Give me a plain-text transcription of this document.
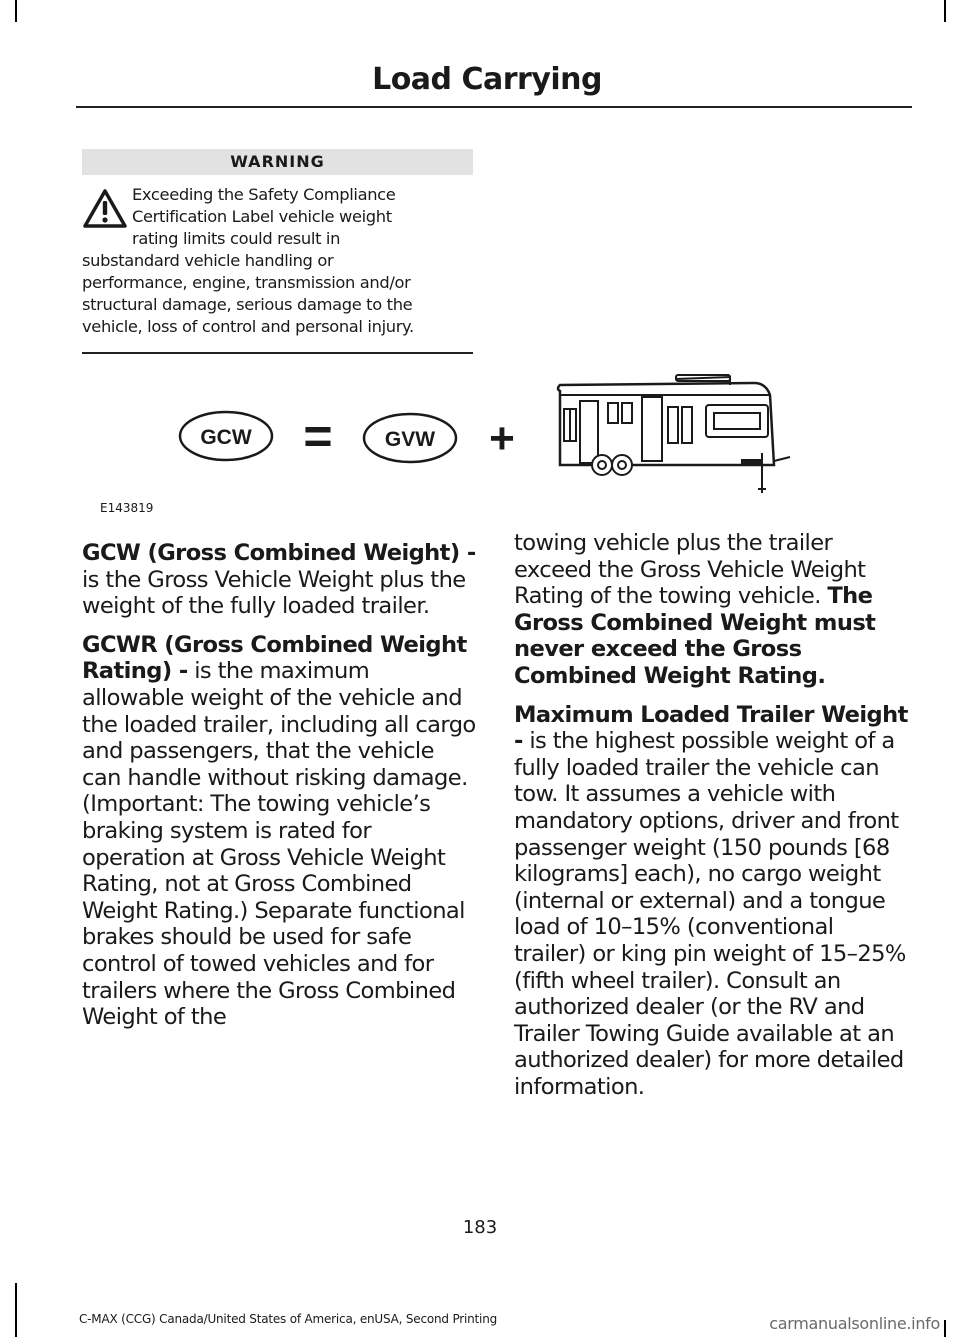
Load Carrying
WARNING
Exceeding the Safety Compliance
Certification Label vehicle weight
rating limits could result in
substandard vehicle handling or
performance, engine, transmission and/or
structural damage, serious damage to the
vehicle, loss of control and personal injury.
GCW = GVW +
E143819

GCW (Gross Combined Weight) - is the Gross Vehicle Weight plus the weight of the fully loaded trailer.

GCWR (Gross Combined Weight Rating) - is the maximum allowable weight of the vehicle and the loaded trailer, including all cargo and passengers, that the vehicle can handle without risking damage. (Important: The towing vehicle’s braking system is rated for operation at Gross Vehicle Weight Rating, not at Gross Combined Weight Rating.) Separate functional brakes should be used for safe control of towed vehicles and for trailers where the Gross Combined Weight of the

towing vehicle plus the trailer exceed the Gross Vehicle Weight Rating of the towing vehicle. The Gross Combined Weight must never exceed the Gross Combined Weight Rating.

Maximum Loaded Trailer Weight - is the highest possible weight of a fully loaded trailer the vehicle can tow. It assumes a vehicle with mandatory options, driver and front passenger weight (150 pounds [68 kilograms] each), no cargo weight (internal or external) and a tongue load of 10–15% (conventional trailer) or king pin weight of 15–25% (fifth wheel trailer). Consult an authorized dealer (or the RV and Trailer Towing Guide available at an authorized dealer) for more detailed information.

183
C-MAX (CCG) Canada/United States of America, enUSA, Second Printing	carmanualsonline.info
